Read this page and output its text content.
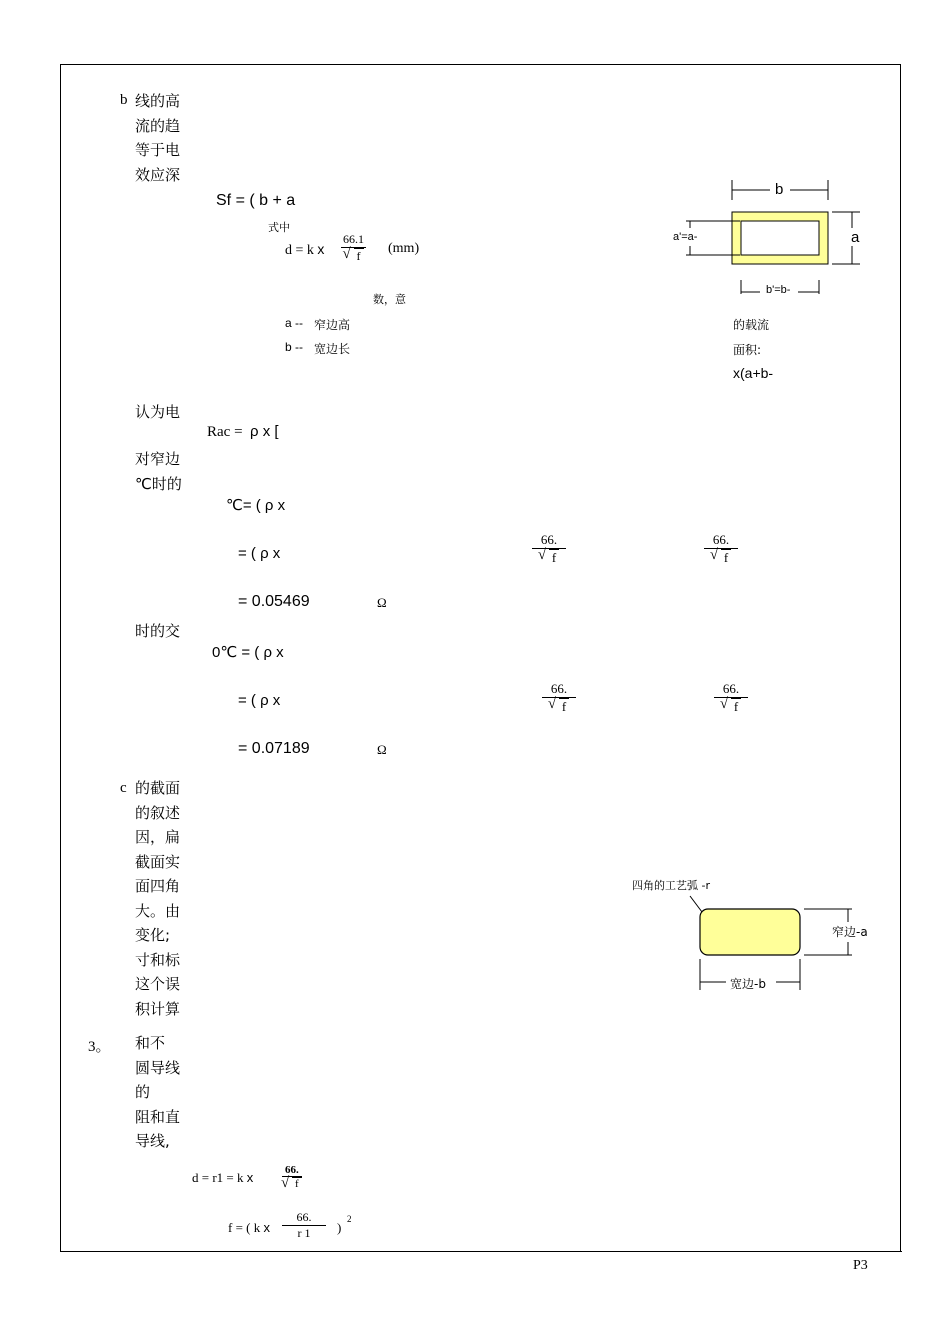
b 线的高
流的趋
等于电
效应深
Sf = ( b + a
式中
d = k x 66.1
√ f (mm)
数，意
a -- 窄边高
b -- 宽边长
的载流
面积:
x(a+b-
b
a
a'=a-
b'=b-
认为电
Rac = ρ x [
对窄边
℃时的
℃= ( ρ x
= ( ρ x	66.
√ f	66.
√ f
= 0.05469	Ω
时的交
0℃ = ( ρ x
= ( ρ x	66.
√ f	66.
√ f
= 0.07189	Ω
c 的截面
的叙述
因，扁
截面实
面四角
大。由
变化;
寸和标
这个误
积计算
四角的工艺弧 -r
窄边-a
宽边-b
3。 和不
圆导线
的
阻和直
导线,
d = r1 = k x	66.
√ f
f = ( k x $\frac{66.}{r 1}$ )
2
P3
